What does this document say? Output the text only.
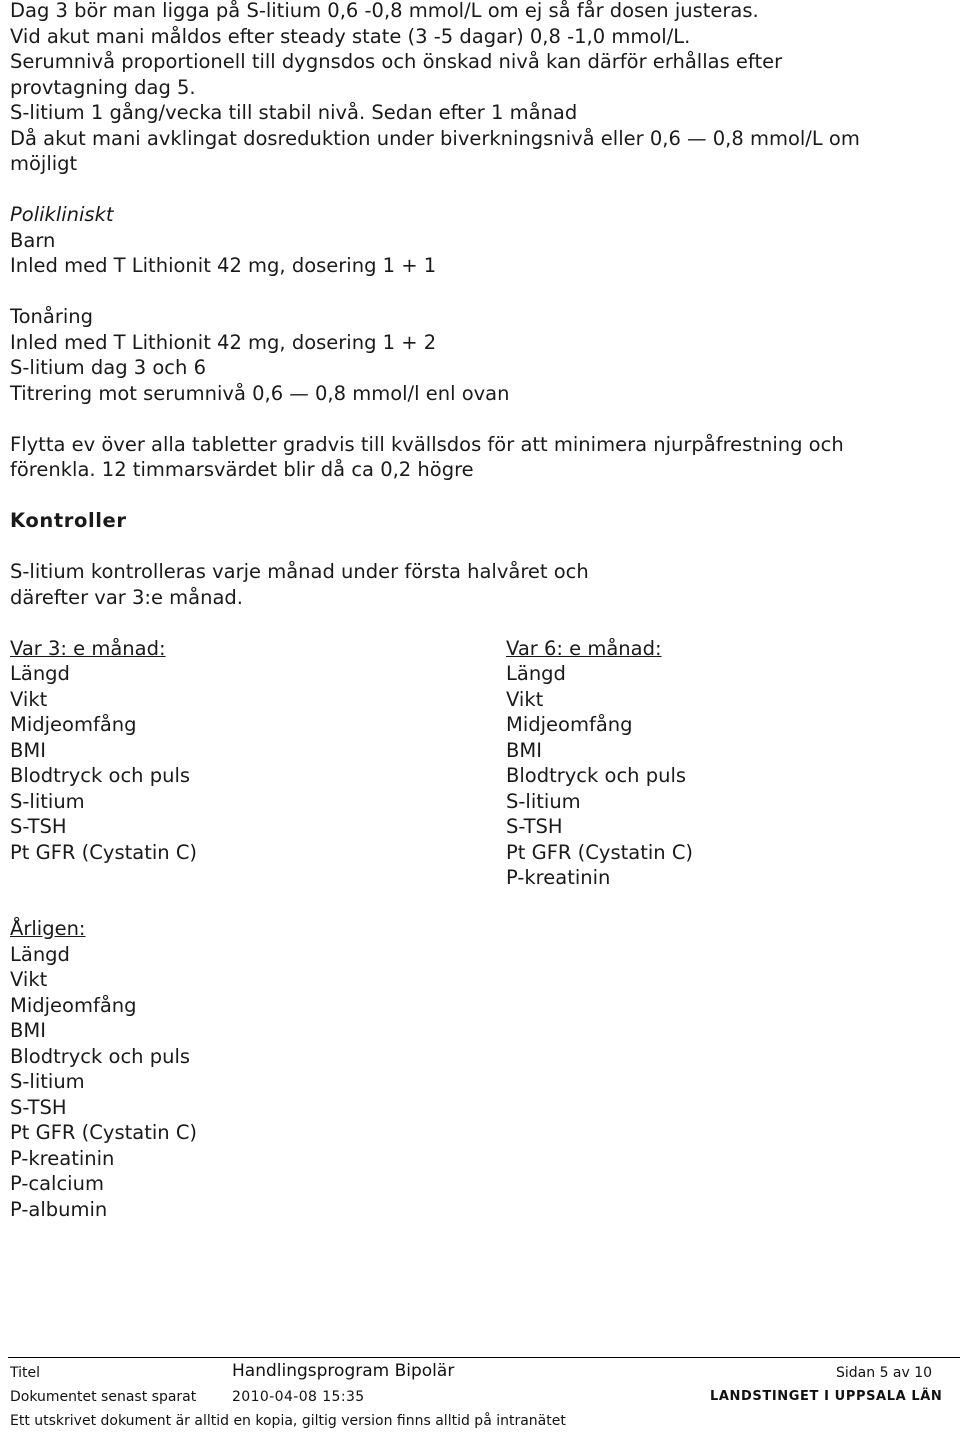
Dag 3 bör man ligga på S-litium 0,6 -0,8 mmol/L om ej så får dosen justeras.
Vid akut mani måldos efter steady state (3 -5 dagar) 0,8 -1,0 mmol/L.
Serumnivå proportionell till dygnsdos och önskad nivå kan därför erhållas efter
provtagning dag 5.
S-litium 1 gång/vecka till stabil nivå. Sedan efter 1 månad
Då akut mani avklingat dosreduktion under biverkningsnivå eller 0,6 — 0,8 mmol/L om
möjligt
Polikliniskt
Barn
Inled med T Lithionit 42 mg, dosering 1 + 1
Tonåring
Inled med T Lithionit 42 mg, dosering 1 + 2
S-litium dag 3 och 6
Titrering mot serumnivå 0,6 — 0,8 mmol/l enl ovan
Flytta ev över alla tabletter gradvis till kvällsdos för att minimera njurpåfrestning och
förenkla. 12 timmarsvärdet blir då ca 0,2 högre
Kontroller
S-litium kontrolleras varje månad under första halvåret och
därefter var 3:e månad.
Var 3: e månad:
Längd
Vikt
Midjeomfång
BMI
Blodtryck och puls
S-litium
S-TSH
Pt GFR (Cystatin C)
Var 6: e månad:
Längd
Vikt
Midjeomfång
BMI
Blodtryck och puls
S-litium
S-TSH
Pt GFR (Cystatin C)
P-kreatinin
Årligen:
Längd
Vikt
Midjeomfång
BMI
Blodtryck och puls
S-litium
S-TSH
Pt GFR (Cystatin C)
P-kreatinin
P-calcium
P-albumin
Titel	Handlingsprogram Bipolär	Sidan 5 av 10
Dokumentet senast sparat	2010-04-08 15:35	LANDSTINGET I UPPSALA LÄN
Ett utskrivet dokument är alltid en kopia, giltig version finns alltid på intranätet
